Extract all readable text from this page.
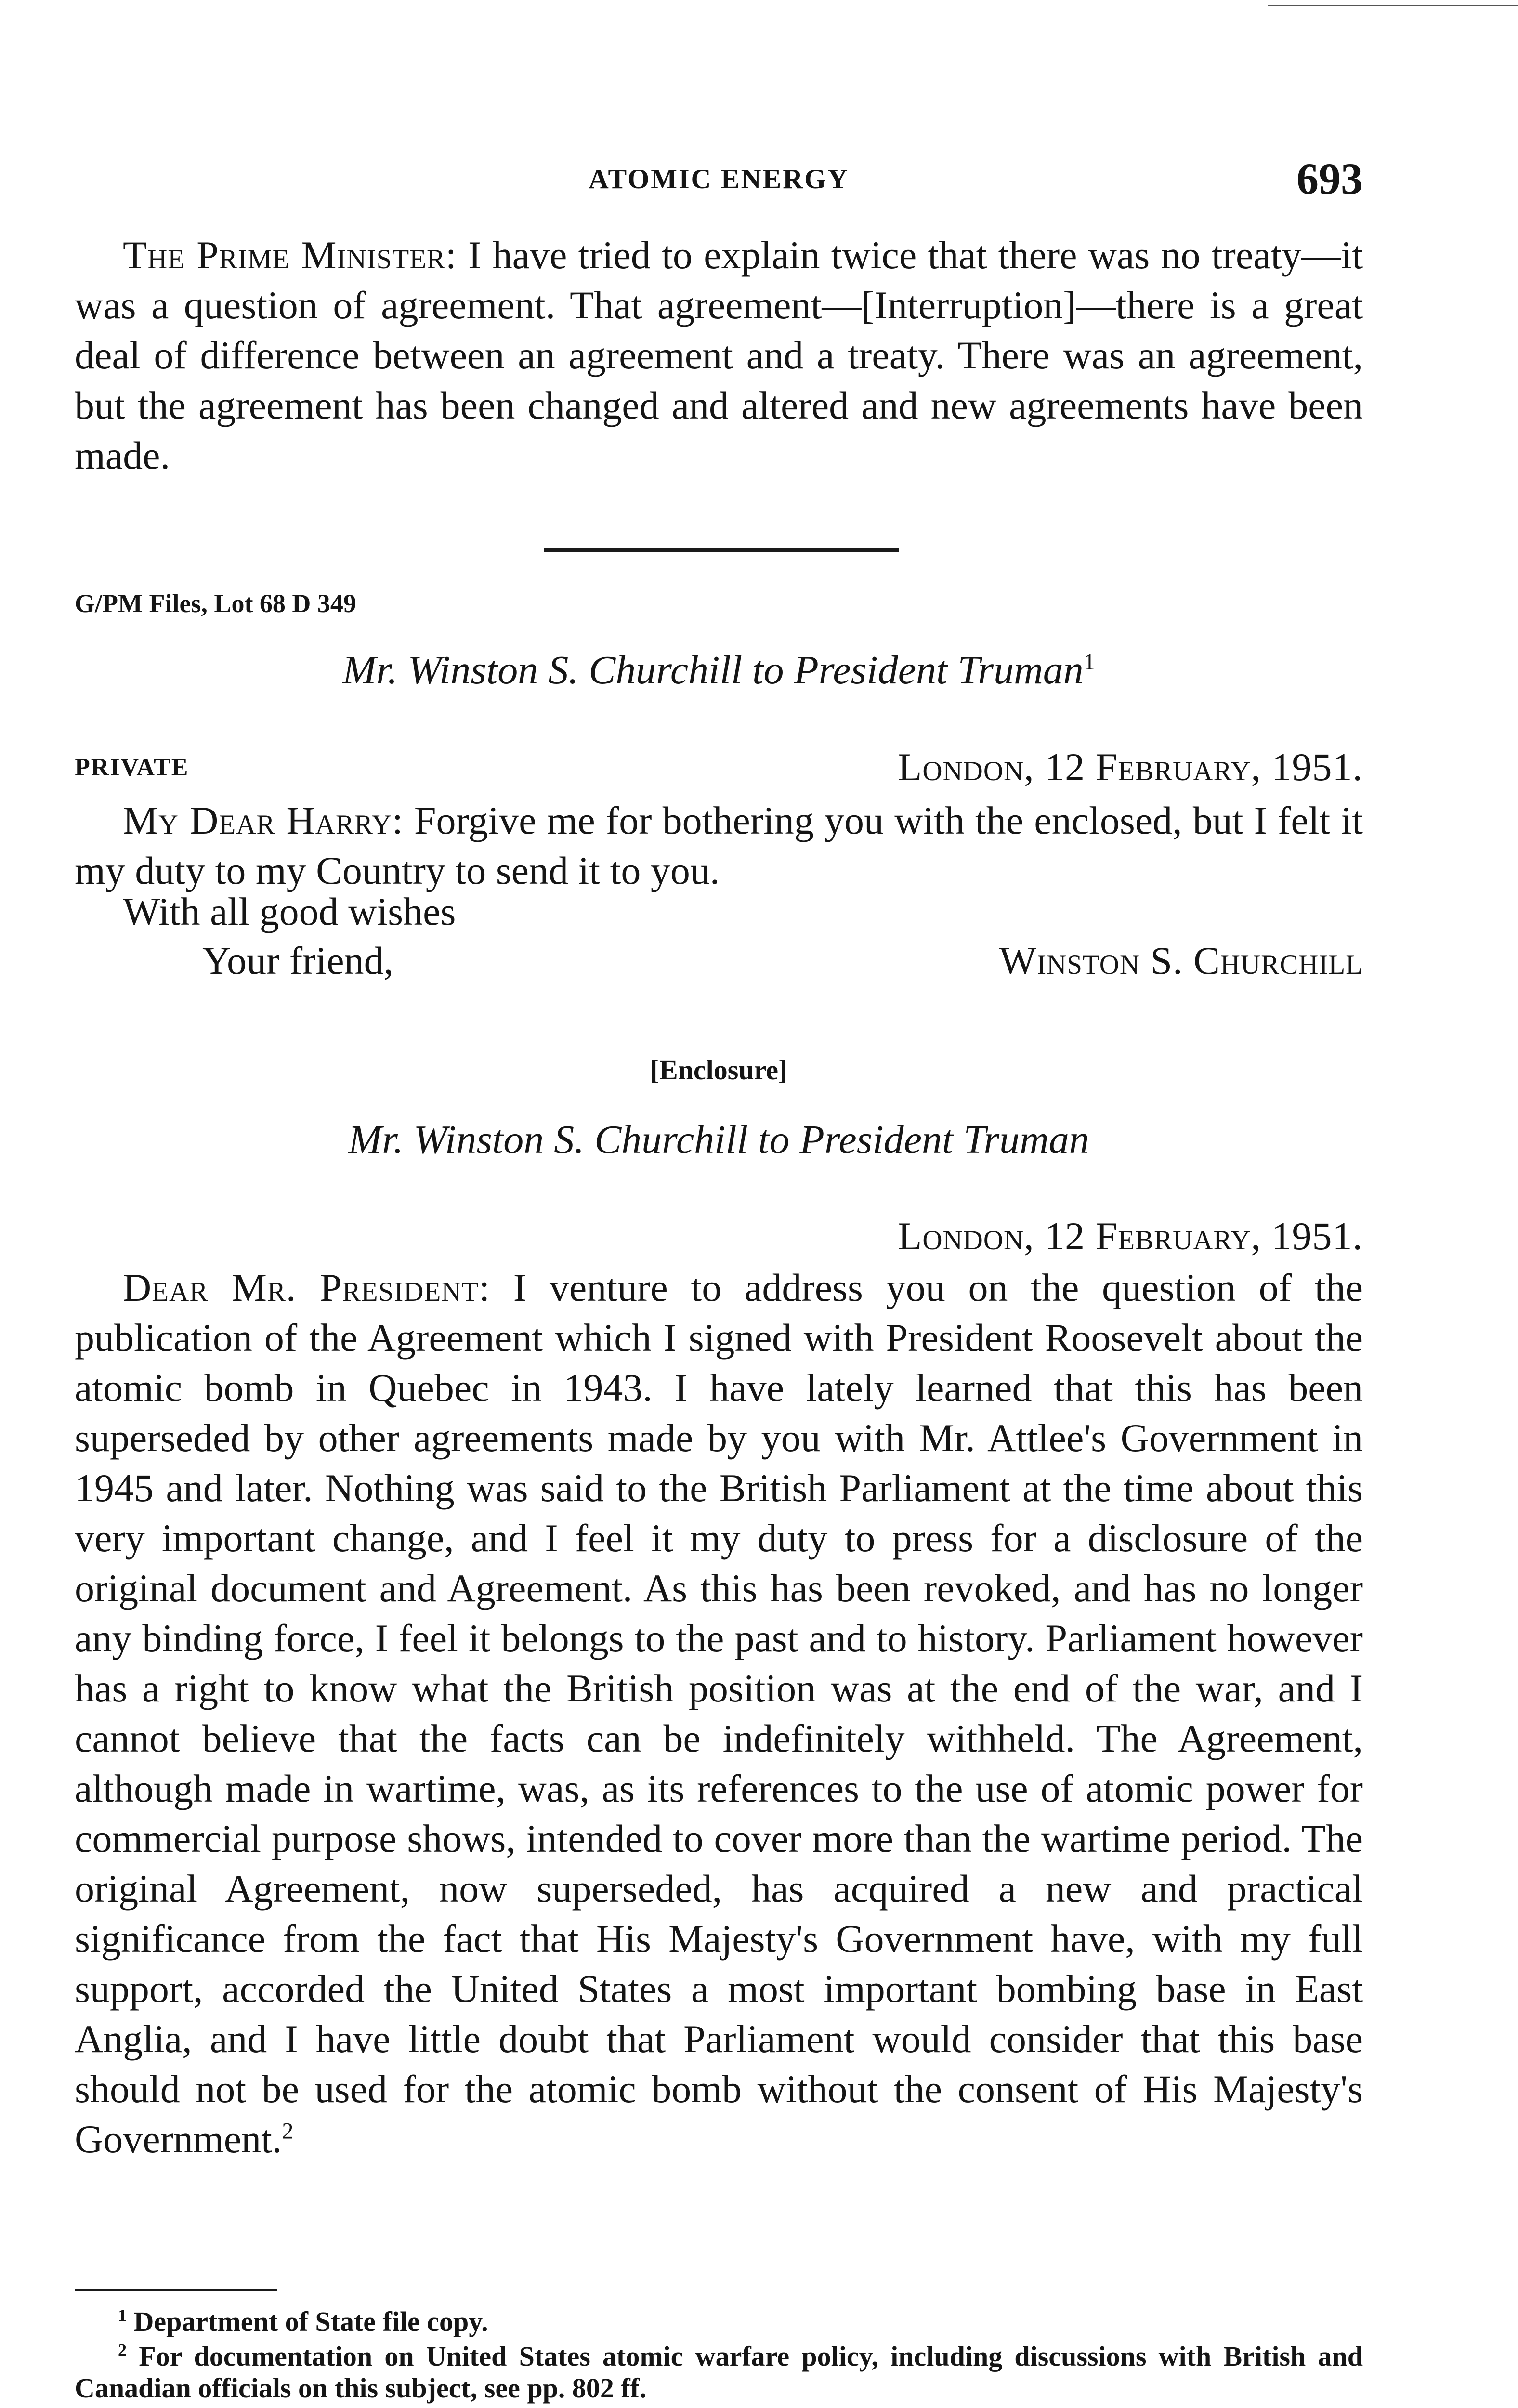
ATOMIC ENERGY	693
The Prime Minister: I have tried to explain twice that there was no treaty—it was a question of agreement. That agreement—[Interruption]—there is a great deal of difference between an agreement and a treaty. There was an agreement, but the agreement has been changed and altered and new agreements have been made.
G/PM Files, Lot 68 D 349
Mr. Winston S. Churchill to President Truman$^1$
PRIVATE	London, 12 February, 1951.
My Dear Harry: Forgive me for bothering you with the enclosed, but I felt it my duty to my Country to send it to you.
With all good wishes
Your friend,	Winston S. Churchill
[Enclosure]
Mr. Winston S. Churchill to President Truman
London, 12 February, 1951.
Dear Mr. President: I venture to address you on the question of the publication of the Agreement which I signed with President Roosevelt about the atomic bomb in Quebec in 1943. I have lately learned that this has been superseded by other agreements made by you with Mr. Attlee's Government in 1945 and later. Nothing was said to the British Parliament at the time about this very important change, and I feel it my duty to press for a disclosure of the original document and Agreement. As this has been revoked, and has no longer any binding force, I feel it belongs to the past and to history. Parliament however has a right to know what the British position was at the end of the war, and I cannot believe that the facts can be indefinitely withheld. The Agreement, although made in wartime, was, as its references to the use of atomic power for commercial purpose shows, intended to cover more than the wartime period. The original Agreement, now superseded, has acquired a new and practical significance from the fact that His Majesty's Government have, with my full support, accorded the United States a most important bombing base in East Anglia, and I have little doubt that Parliament would consider that this base should not be used for the atomic bomb without the consent of His Majesty's Government.$^2$
$^1$ Department of State file copy.
$^2$ For documentation on United States atomic warfare policy, including discussions with British and Canadian officials on this subject, see pp. 802 ff.
